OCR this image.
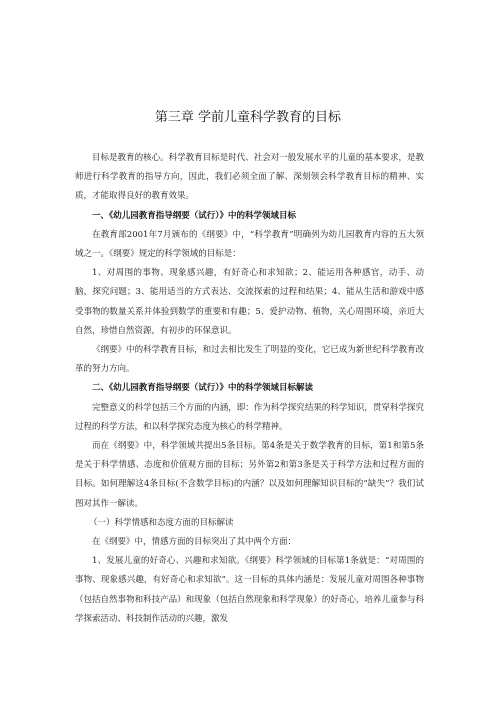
第三章 学前儿童科学教育的目标

目标是教育的核心。科学教育目标是时代、社会对一般发展水平的儿童的基本要求，是教师进行科学教育的指导方向，因此，我们必须全面了解、深刻领会科学教育目标的精神、实质，才能取得良好的教育效果。

一、《幼儿园教育指导纲要（试行）》中的科学领域目标

在教育部2001年7月颁布的《纲要》中，“科学教育”明确列为幼儿园教育内容的五大领域之一。《纲要》规定的科学领域的目标是：

1、对周围的事物、现象感兴趣，有好奇心和求知欲；2、能运用各种感官，动手、动脑，探究问题；3、能用适当的方式表达、交流探索的过程和结果；4、能从生活和游戏中感受事物的数量关系并体验到数学的重要和有趣；5、爱护动物、植物，关心周围环境，亲近大自然，珍惜自然资源，有初步的环保意识。

《纲要》中的科学教育目标，和过去相比发生了明显的变化，它已成为新世纪科学教育改革的努力方向。

二、《幼儿园教育指导纲要（试行）》中的科学领域目标解读

完整意义的科学包括三个方面的内涵，即：作为科学探究结果的科学知识，贯穿科学探究过程的科学方法，和以科学探究态度为核心的科学精神。

而在《纲要》中，科学领域共提出5条目标。第4条是关于数学教育的目标，第1和第5条是关于科学情感、态度和价值观方面的目标；另外第2和第3条是关于科学方法和过程方面的目标。如何理解这4条目标(不含数学目标)的内涵？以及如何理解知识目标的“缺失”？我们试图对其作一解读。

（一）科学情感和态度方面的目标解读

在《纲要》中，情感方面的目标突出了其中两个方面：

1、发展儿童的好奇心、兴趣和求知欲。《纲要》科学领域的目标第1条就是：“对周围的事物、现象感兴趣，有好奇心和求知欲”。这一目标的具体内涵是：发展儿童对周围各种事物（包括自然事物和科技产品）和现象（包括自然现象和科学现象）的好奇心，培养儿童参与科学探索活动、科技制作活动的兴趣，激发
